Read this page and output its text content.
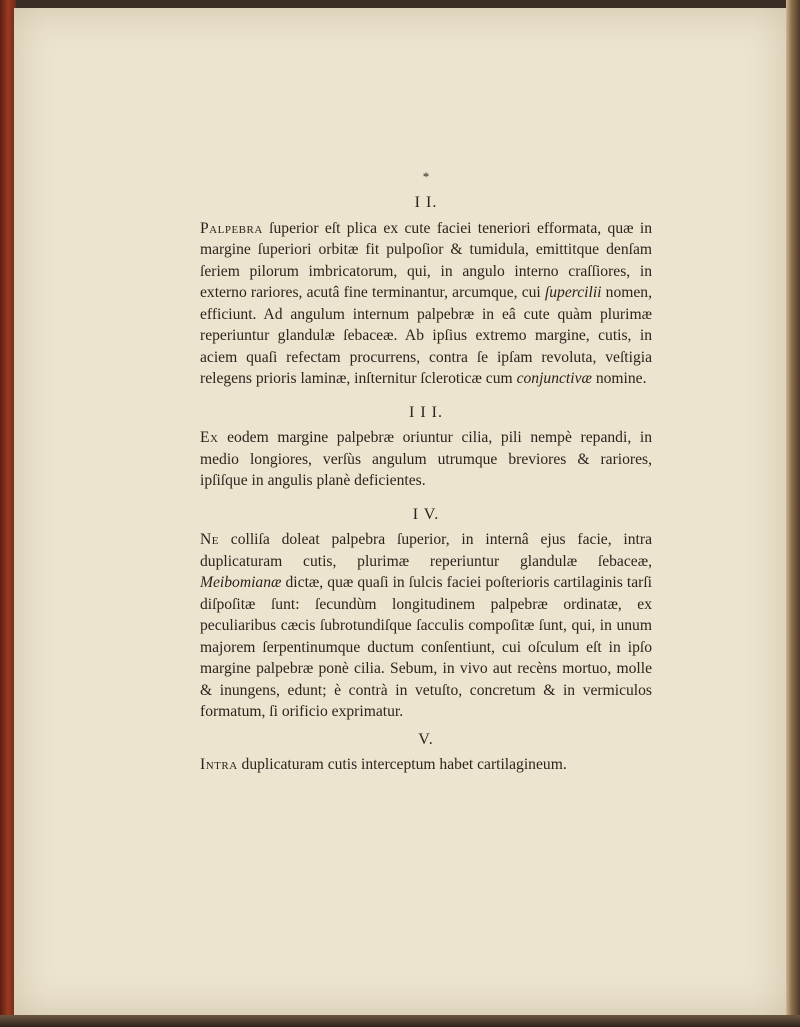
*
I I.

Palpebra ſuperior eſt plica ex cute faciei teneriori efformata, quæ in margine ſuperiori orbitæ fit pulpoſior & tumidula, emittitque denſam ſeriem pilorum imbricatorum, qui, in angulo interno craſſiores, in externo rariores, acutâ fine terminantur, arcumque, cui ſupercilii nomen, efficiunt. Ad angulum internum palpebræ in eâ cute quàm plurimæ reperiuntur glandulæ ſebaceæ. Ab ipſius extremo margine, cutis, in aciem quaſi refectam procurrens, contra ſe ipſam revoluta, veſtigia relegens prioris laminæ, inſternitur ſcleroticæ cum conjunctivæ nomine.

I I I.

Ex eodem margine palpebræ oriuntur cilia, pili nempè repandi, in medio longiores, verſùs angulum utrumque breviores & rariores, ipſiſque in angulis planè deficientes.

I V.

Ne colliſa doleat palpebra ſuperior, in internâ ejus facie, intra duplicaturam cutis, plurimæ reperiuntur glandulæ ſebaceæ, Meibomianæ dictæ, quæ quaſi in ſulcis faciei poſterioris cartilaginis tarſi diſpoſitæ ſunt: ſecundùm longitudinem palpebræ ordinatæ, ex peculiaribus cæcis ſubrotundiſque ſacculis compoſitæ ſunt, qui, in unum majorem ſerpentinumque ductum conſentiunt, cui oſculum eſt in ipſo margine palpebræ ponè cilia. Sebum, in vivo aut recèns mortuo, molle & inungens, edunt; è contrà in vetuſto, concretum & in vermiculos formatum, ſi orificio exprimatur.

V.

Intra duplicaturam cutis interceptum habet cartilagineum.
